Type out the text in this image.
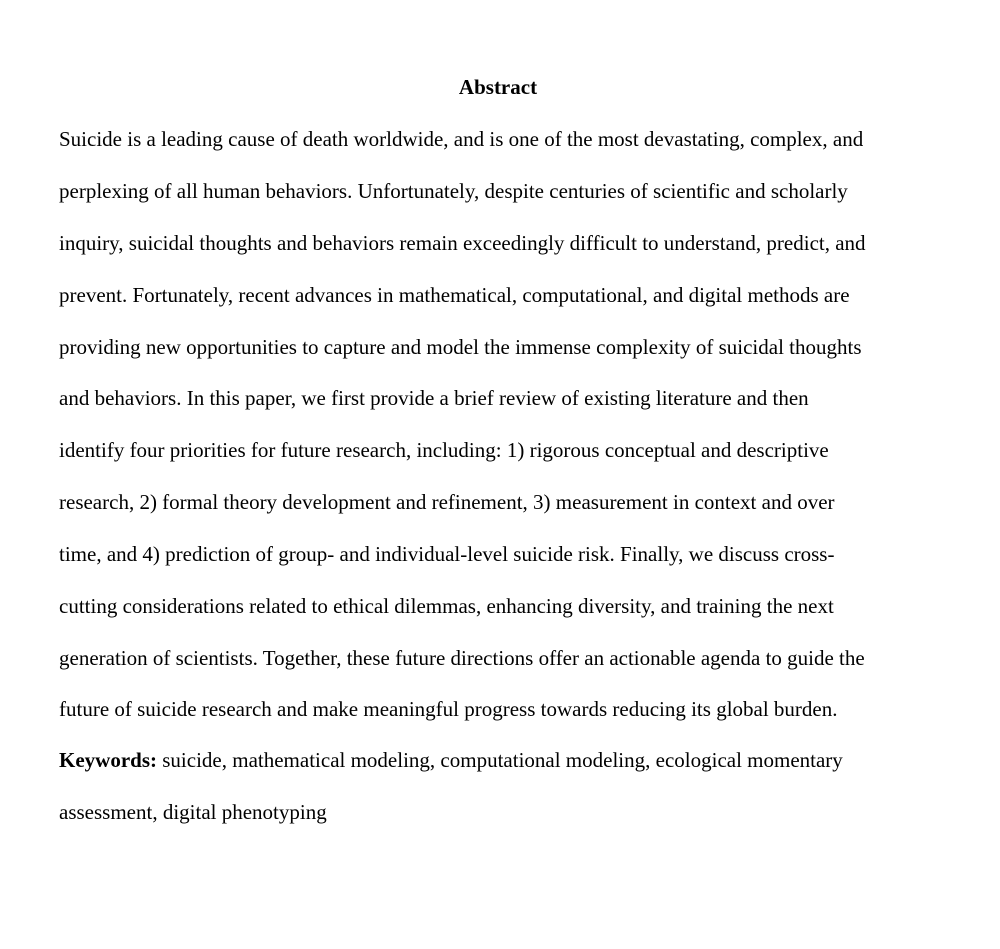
Abstract

Suicide is a leading cause of death worldwide, and is one of the most devastating, complex, and

perplexing of all human behaviors. Unfortunately, despite centuries of scientific and scholarly

inquiry, suicidal thoughts and behaviors remain exceedingly difficult to understand, predict, and

prevent. Fortunately, recent advances in mathematical, computational, and digital methods are

providing new opportunities to capture and model the immense complexity of suicidal thoughts

and behaviors. In this paper, we first provide a brief review of existing literature and then

identify four priorities for future research, including: 1) rigorous conceptual and descriptive

research, 2) formal theory development and refinement, 3) measurement in context and over

time, and 4) prediction of group- and individual-level suicide risk. Finally, we discuss cross-

cutting considerations related to ethical dilemmas, enhancing diversity, and training the next

generation of scientists. Together, these future directions offer an actionable agenda to guide the

future of suicide research and make meaningful progress towards reducing its global burden.

Keywords: suicide, mathematical modeling, computational modeling, ecological momentary

assessment, digital phenotyping
